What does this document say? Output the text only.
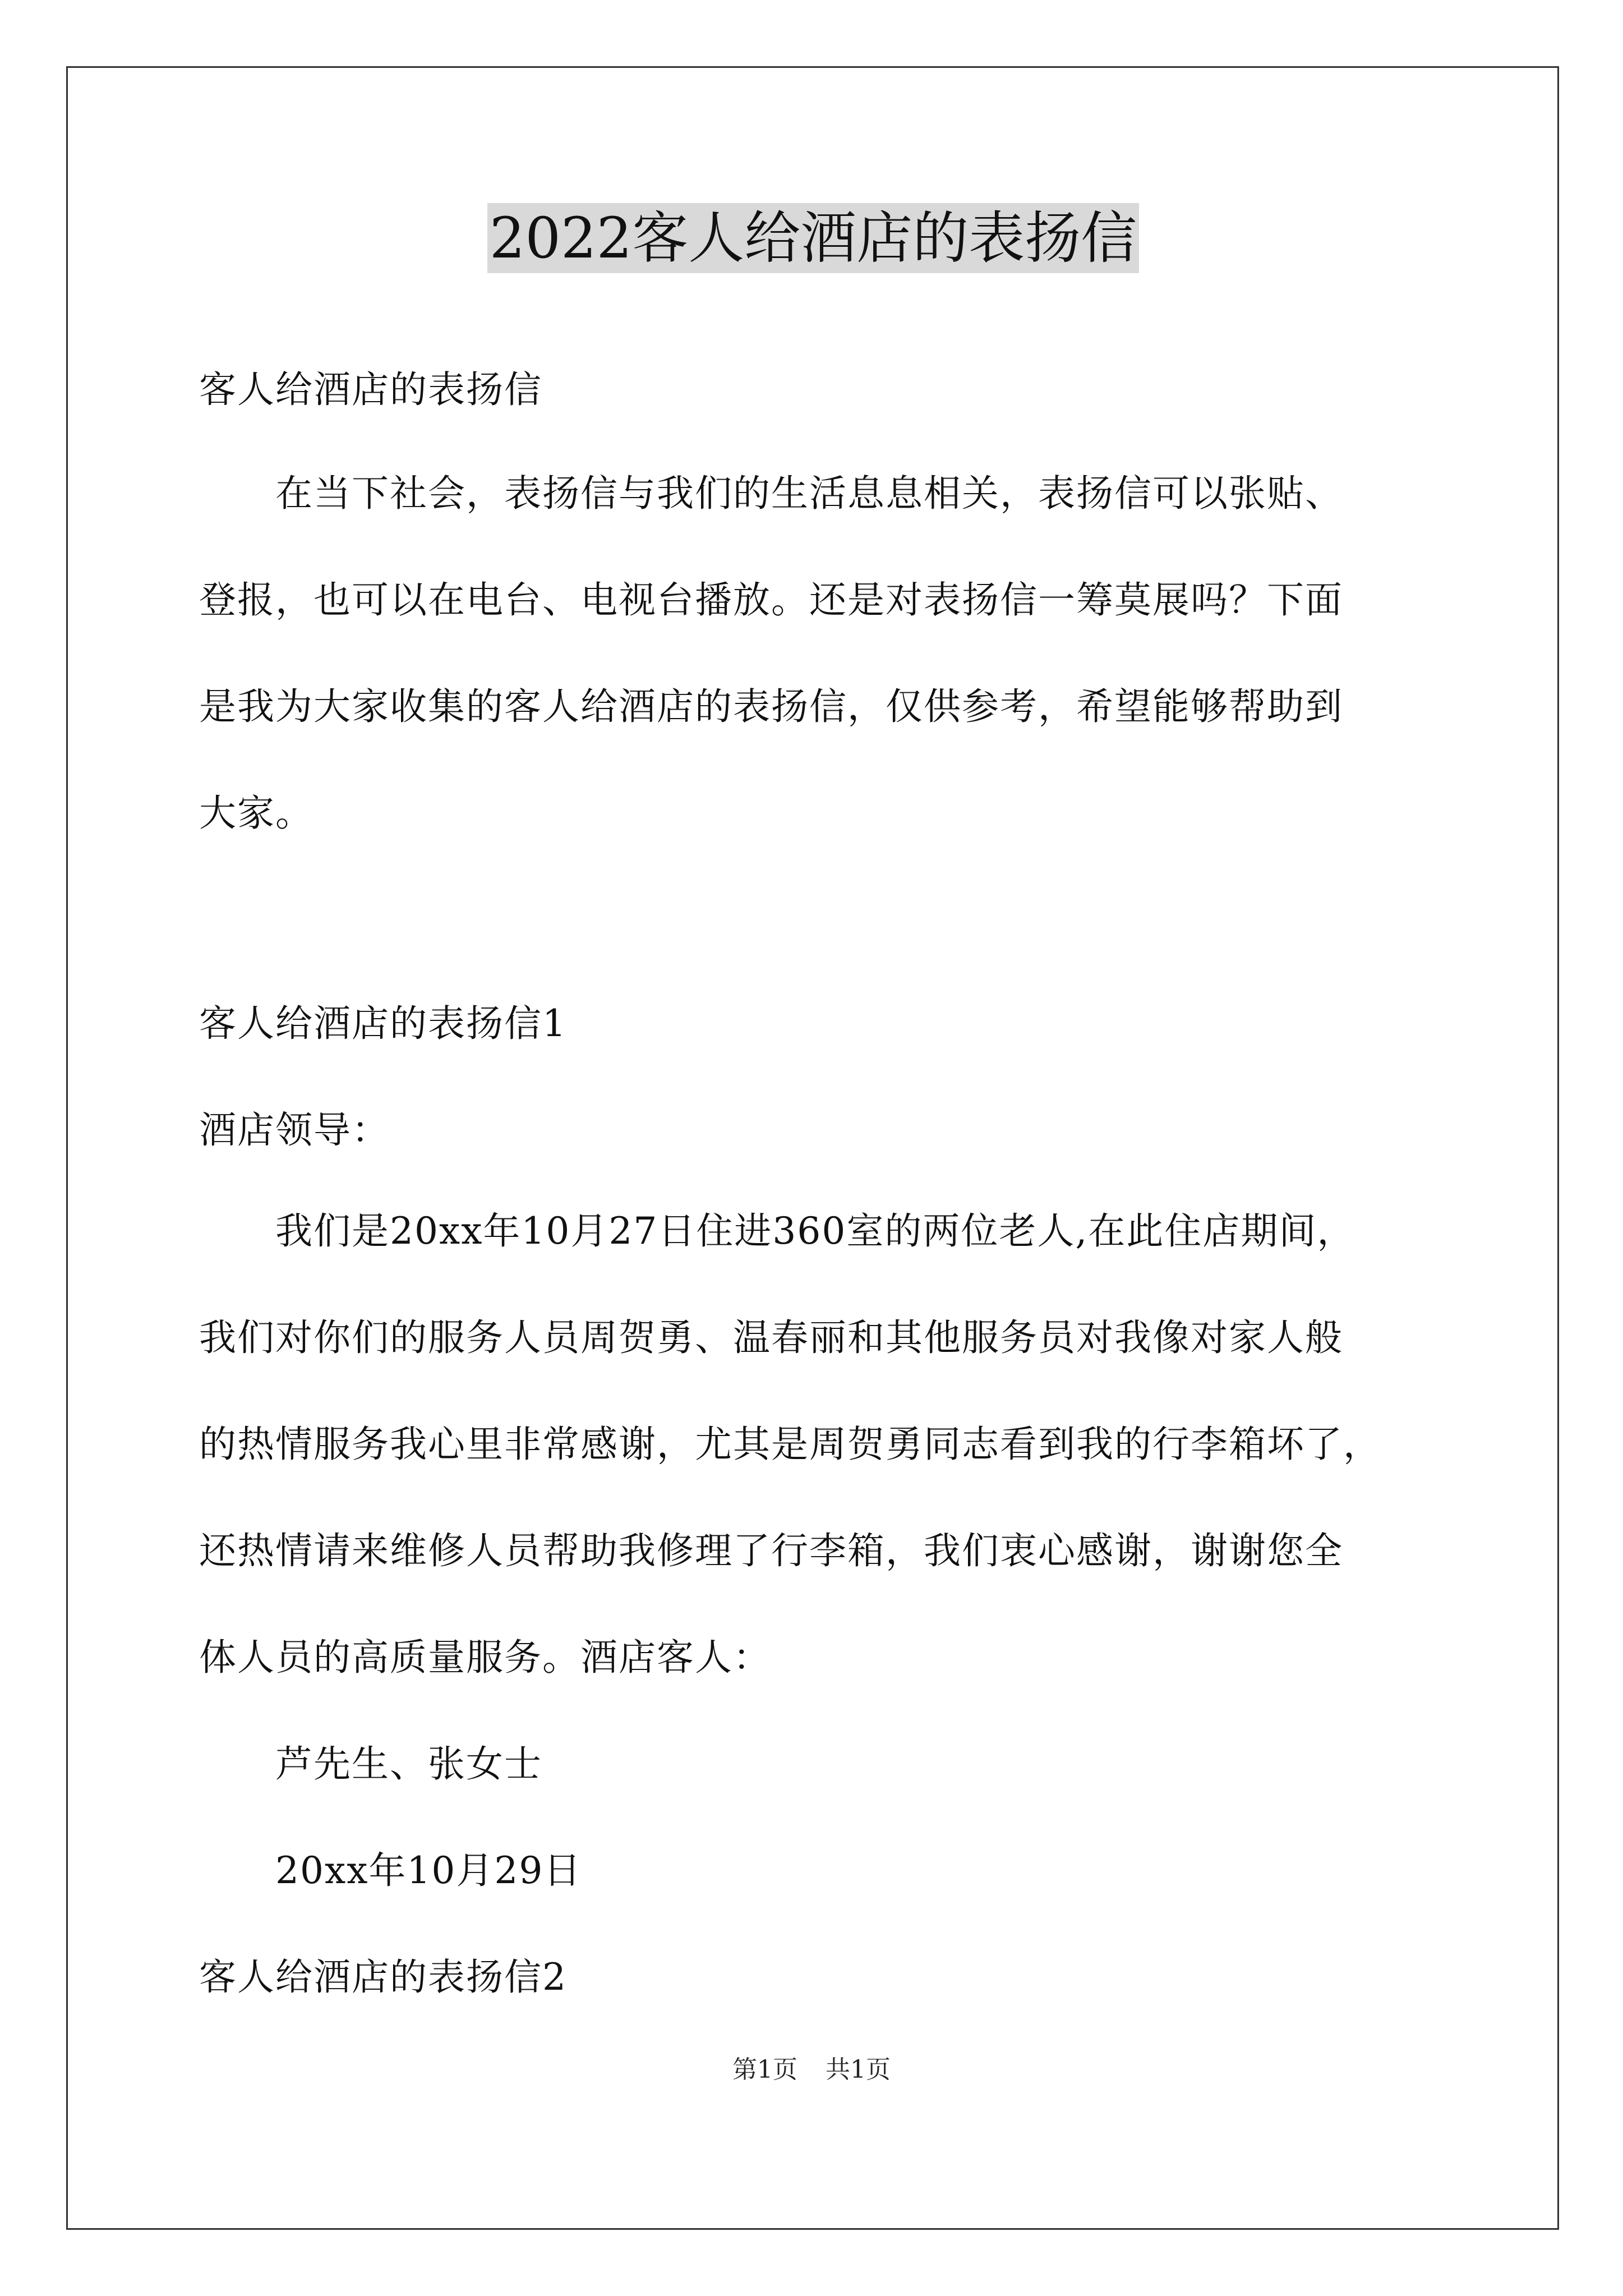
2022客人给酒店的表扬信
客人给酒店的表扬信
　　在当下社会，表扬信与我们的生活息息相关，表扬信可以张贴、
登报，也可以在电台、电视台播放。还是对表扬信一筹莫展吗？下面
是我为大家收集的客人给酒店的表扬信，仅供参考，希望能够帮助到
大家。
客人给酒店的表扬信1
酒店领导：
　　我们是20xx年10月27日住进360室的两位老人,在此住店期间，
我们对你们的服务人员周贺勇、温春丽和其他服务员对我像对家人般
的热情服务我心里非常感谢，尤其是周贺勇同志看到我的行李箱坏了，
还热情请来维修人员帮助我修理了行李箱，我们衷心感谢，谢谢您全
体人员的高质量服务。酒店客人：
　　芦先生、张女士
　　20xx年10月29日
客人给酒店的表扬信2
第1页 共1页
